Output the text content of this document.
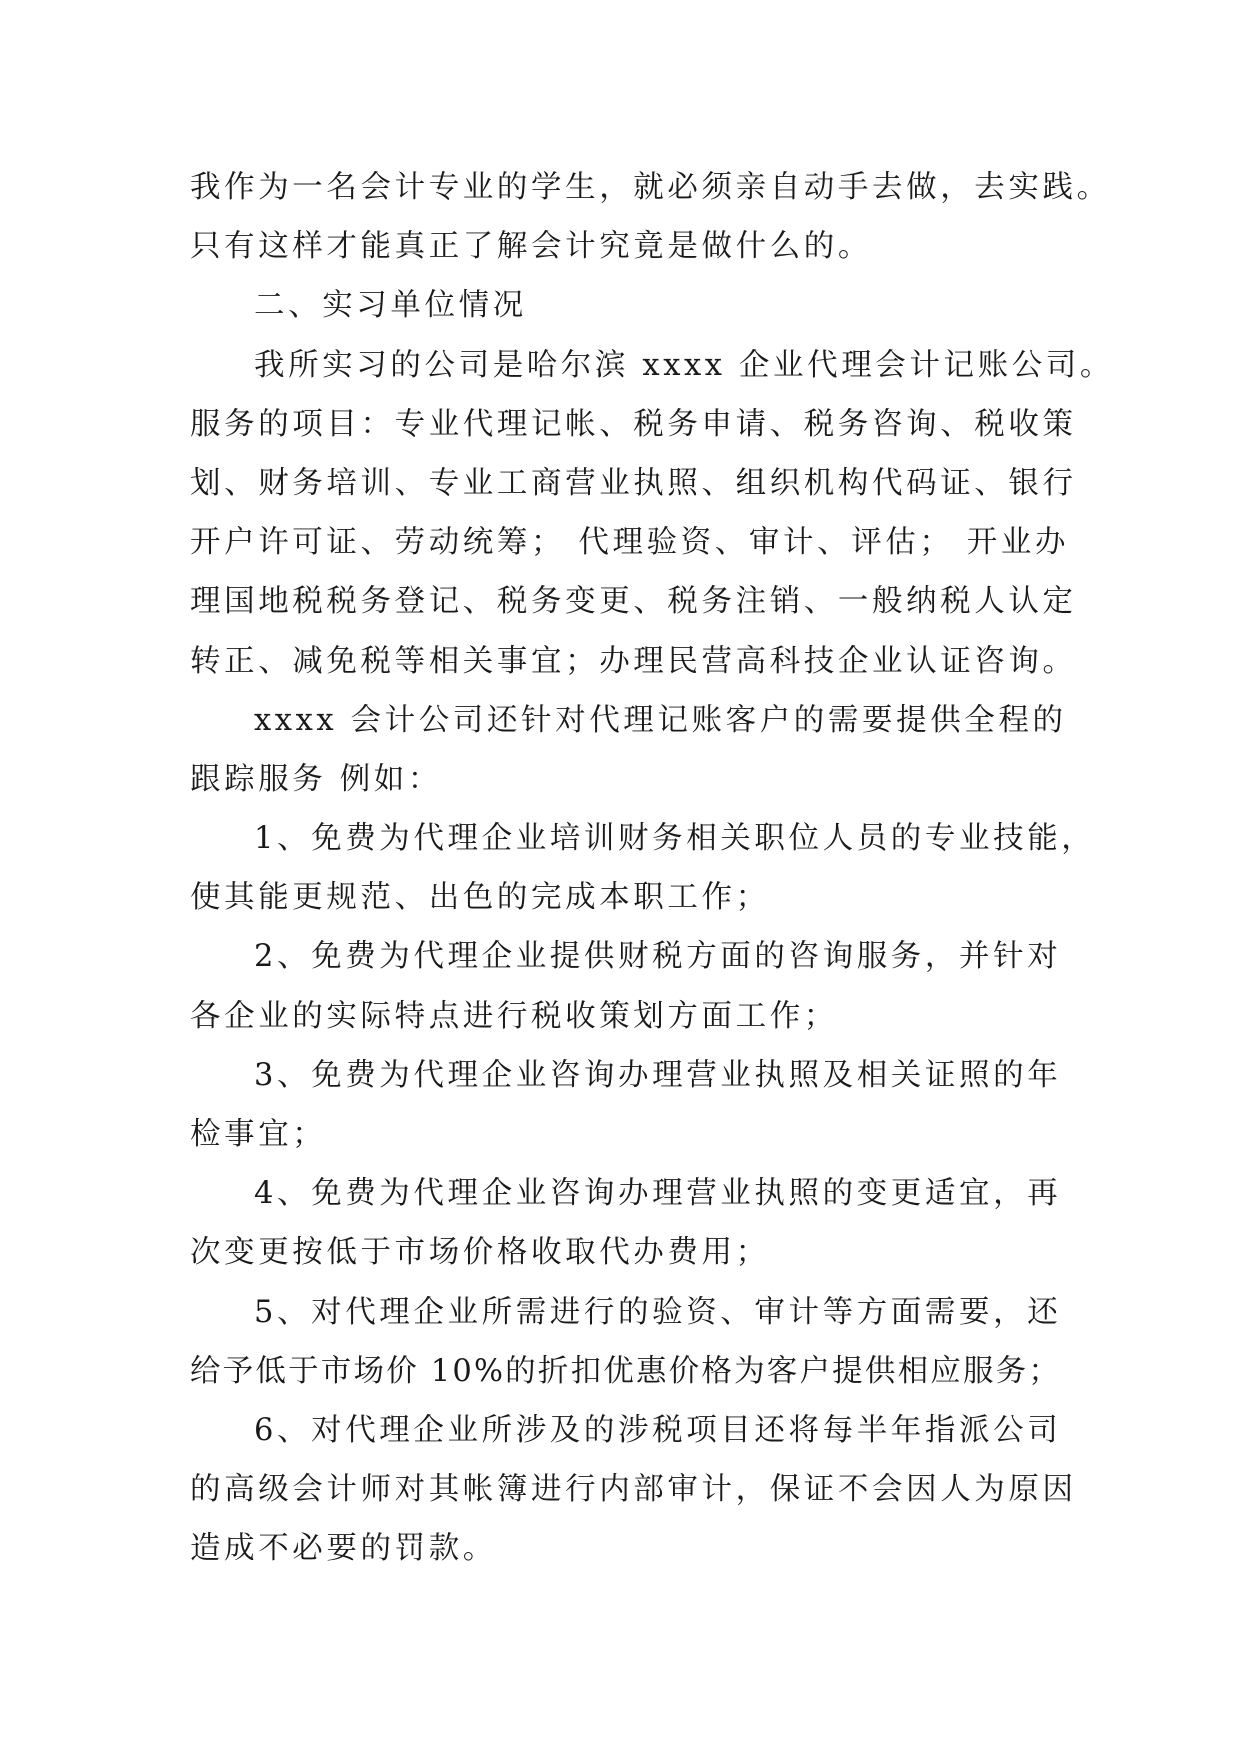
我作为一名会计专业的学生，就必须亲自动手去做，去实践。
只有这样才能真正了解会计究竟是做什么的。
二、实习单位情况
我所实习的公司是哈尔滨 xxxx 企业代理会计记账公司。
服务的项目：专业代理记帐、税务申请、税务咨询、税收策
划、财务培训、专业工商营业执照、组织机构代码证、银行
开户许可证、劳动统筹； 代理验资、审计、评估； 开业办
理国地税税务登记、税务变更、税务注销、一般纳税人认定
转正、减免税等相关事宜；办理民营高科技企业认证咨询。
xxxx 会计公司还针对代理记账客户的需要提供全程的
跟踪服务 例如：
1、免费为代理企业培训财务相关职位人员的专业技能，
使其能更规范、出色的完成本职工作；
2、免费为代理企业提供财税方面的咨询服务，并针对
各企业的实际特点进行税收策划方面工作；
3、免费为代理企业咨询办理营业执照及相关证照的年
检事宜；
4、免费为代理企业咨询办理营业执照的变更适宜，再
次变更按低于市场价格收取代办费用；
5、对代理企业所需进行的验资、审计等方面需要，还
给予低于市场价 10%的折扣优惠价格为客户提供相应服务；
6、对代理企业所涉及的涉税项目还将每半年指派公司
的高级会计师对其帐簿进行内部审计，保证不会因人为原因
造成不必要的罚款。
